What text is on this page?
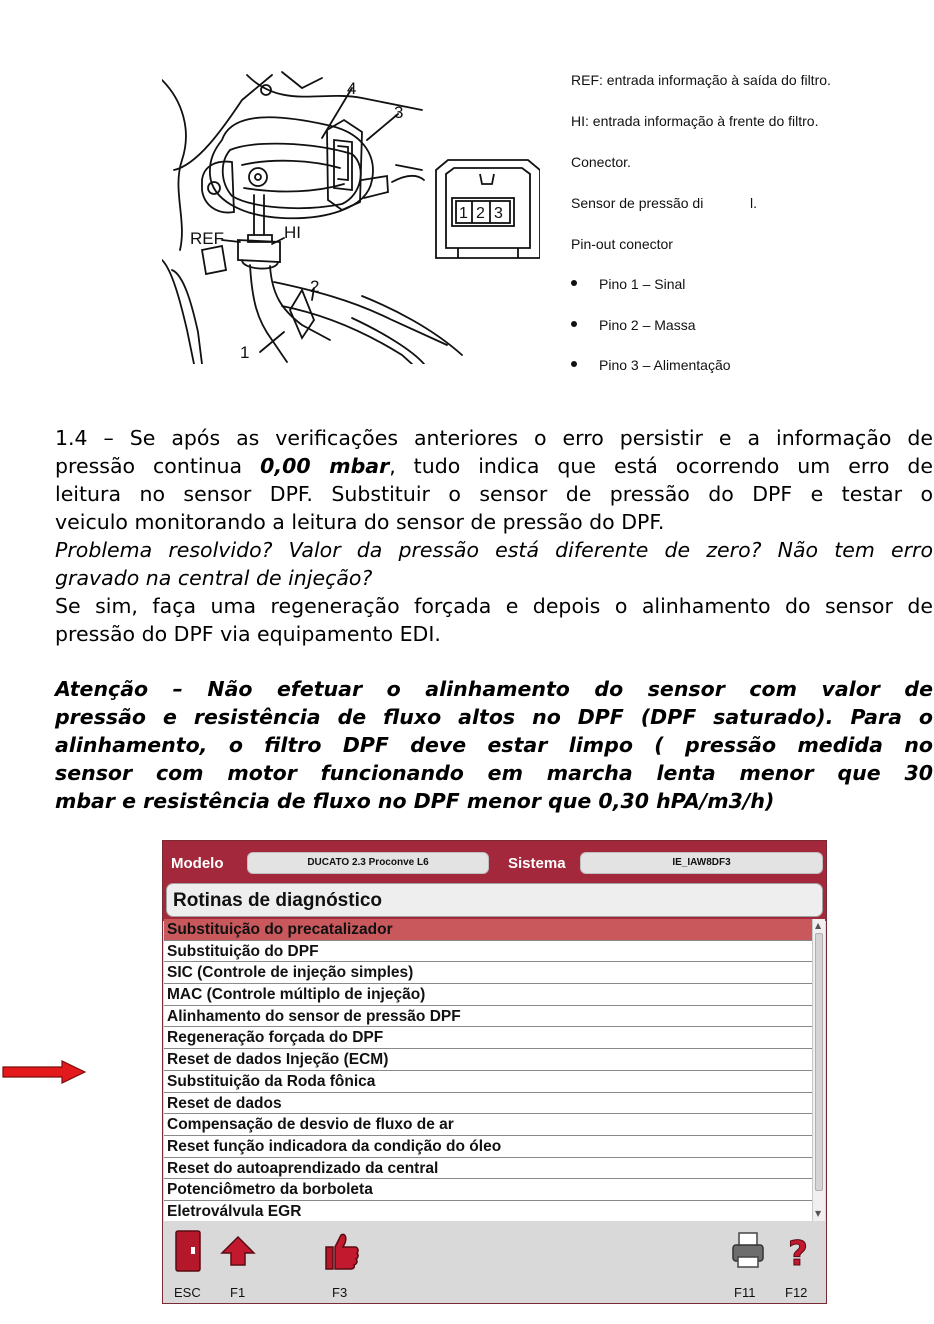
4
3
2
1
REF	HI
1 2 3
REF: entrada informação à saída do filtro.
HI: entrada informação à frente do filtro.
Conector.
Sensor de pressão di            l.
Pin-out conector
Pino 1 – Sinal
Pino 2 – Massa
Pino 3 – Alimentação
1.4 – Se após as verificações anteriores o erro persistir e a informação de
pressão continua 0,00 mbar, tudo indica que está ocorrendo um erro de
leitura no sensor DPF. Substituir o sensor de pressão do DPF e testar o
veiculo monitorando a leitura do sensor de pressão do DPF.
Problema resolvido? Valor da pressão está diferente de zero? Não tem erro
gravado na central de injeção?
Se sim, faça uma regeneração forçada e depois o alinhamento do sensor de
pressão do DPF via equipamento EDI.
Atenção – Não efetuar o alinhamento do sensor com valor de
pressão e resistência de fluxo altos no DPF (DPF saturado). Para o
alinhamento, o filtro DPF deve estar limpo ( pressão medida no
sensor com motor funcionando em marcha lenta menor que 30
mbar e resistência de fluxo no DPF menor que 0,30 hPA/m3/h)
Modelo	DUCATO 2.3 Proconve L6	Sistema	IE_IAW8DF3
Rotinas de diagnóstico
Substituição do precatalizador
Substituição do DPF
SIC (Controle de injeção simples)
MAC (Controle múltiplo de injeção)
Alinhamento do sensor de pressão DPF
Regeneração forçada do DPF
Reset de dados Injeção (ECM)
Substituição da Roda fônica
Reset de dados
Compensação de desvio de fluxo de ar
Reset função indicadora da condição do óleo
Reset do autoaprendizado da central
Potenciômetro da borboleta
Eletroválvula EGR
▲
▼
?
ESC F1	F3	F11 F12
